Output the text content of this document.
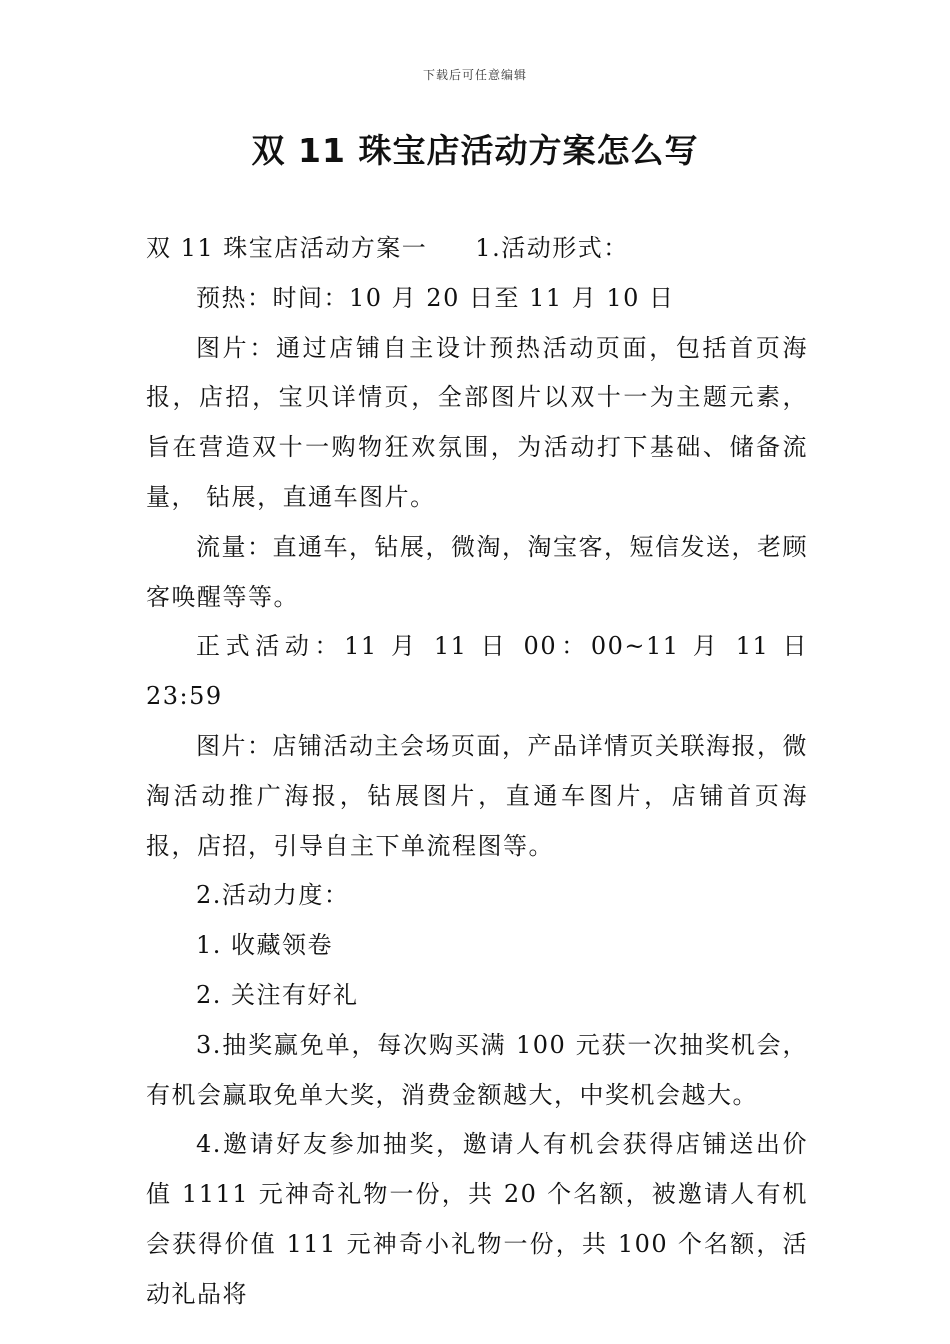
下载后可任意编辑
双 11 珠宝店活动方案怎么写

双 11 珠宝店活动方案一 1.活动形式：

预热：时间：10 月 20 日至 11 月 10 日

图片：通过店铺自主设计预热活动页面，包括首页海报，店招，宝贝详情页，全部图片以双十一为主题元素，旨在营造双十一购物狂欢氛围，为活动打下基础、储备流量， 钻展，直通车图片。

流量：直通车，钻展，微淘，淘宝客，短信发送，老顾客唤醒等等。

正式活动：11 月 11 日 00：00~11 月 11 日 23:59

图片：店铺活动主会场页面，产品详情页关联海报，微淘活动推广海报，钻展图片，直通车图片，店铺首页海报，店招，引导自主下单流程图等。

2.活动力度：

1. 收藏领卷

2. 关注有好礼

3.抽奖赢免单，每次购买满 100 元获一次抽奖机会，有机会赢取免单大奖，消费金额越大，中奖机会越大。

4.邀请好友参加抽奖，邀请人有机会获得店铺送出价值 1111 元神奇礼物一份，共 20 个名额，被邀请人有机会获得价值 111 元神奇小礼物一份，共 100 个名额，活动礼品将
